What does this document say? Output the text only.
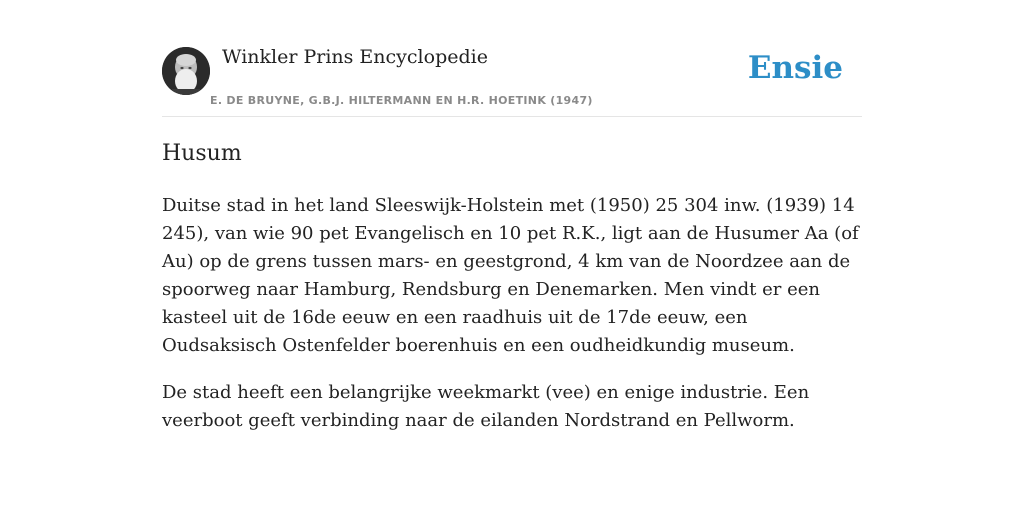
Winkler Prins Encyclopedie
E. DE BRUYNE, G.B.J. HILTERMANN EN H.R. HOETINK (1947)
Ensie
Husum

Duitse stad in het land Sleeswijk-Holstein met (1950) 25 304 inw. (1939) 14 245), van wie 90 pet Evangelisch en 10 pet R.K., ligt aan de Husumer Aa (of Au) op de grens tussen mars- en geestgrond, 4 km van de Noordzee aan de spoorweg naar Hamburg, Rendsburg en Denemarken. Men vindt er een kasteel uit de 16de eeuw en een raadhuis uit de 17de eeuw, een Oudsaksisch Ostenfelder boerenhuis en een oudheidkundig museum.

De stad heeft een belangrijke weekmarkt (vee) en enige industrie. Een veerboot geeft verbinding naar de eilanden Nordstrand en Pellworm.
